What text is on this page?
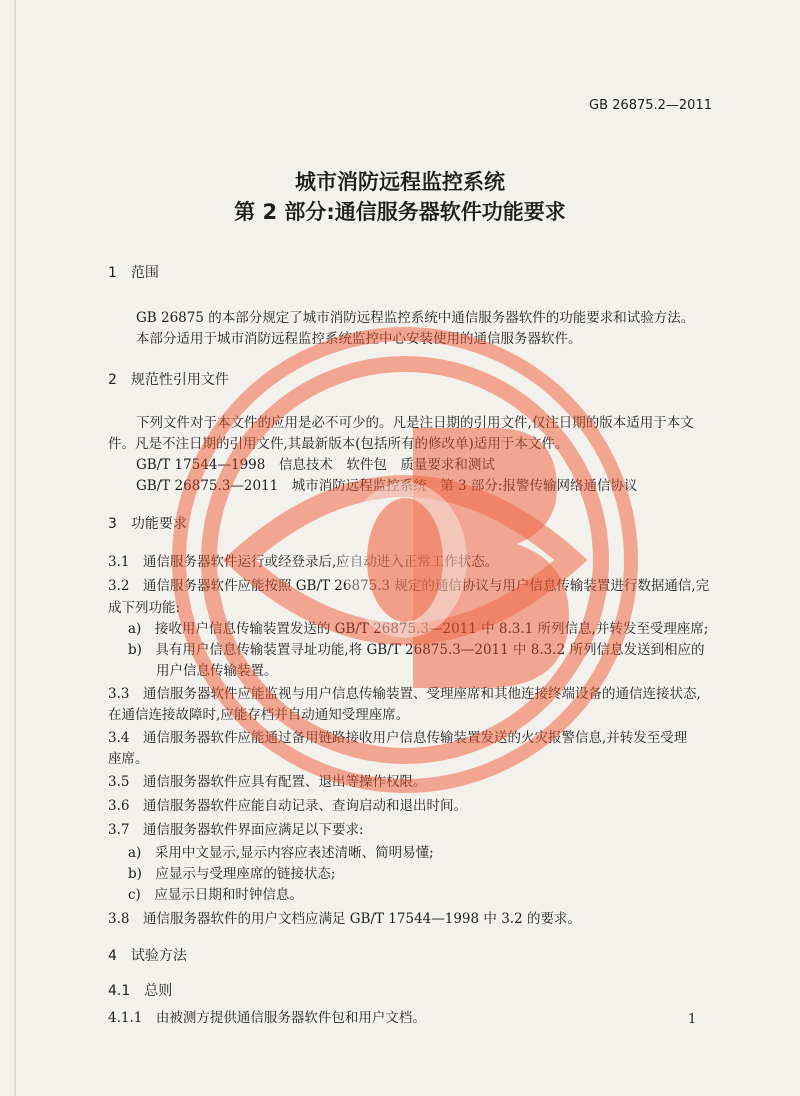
GB 26875.2—2011
城市消防远程监控系统
第 2 部分:通信服务器软件功能要求
1　范围
GB 26875 的本部分规定了城市消防远程监控系统中通信服务器软件的功能要求和试验方法。
本部分适用于城市消防远程监控系统监控中心安装使用的通信服务器软件。
2　规范性引用文件
下列文件对于本文件的应用是必不可少的。凡是注日期的引用文件,仅注日期的版本适用于本文
件。凡是不注日期的引用文件,其最新版本(包括所有的修改单)适用于本文件。
GB/T 17544—1998　信息技术　软件包　质量要求和测试
GB/T 26875.3—2011　城市消防远程监控系统　第 3 部分:报警传输网络通信协议
3　功能要求
3.1　通信服务器软件运行或经登录后,应自动进入正常工作状态。
3.2　通信服务器软件应能按照 GB/T 26875.3 规定的通信协议与用户信息传输装置进行数据通信,完
成下列功能:
a)　接收用户信息传输装置发送的 GB/T 26875.3—2011 中 8.3.1 所列信息,并转发至受理座席;
b)　具有用户信息传输装置寻址功能,将 GB/T 26875.3—2011 中 8.3.2 所列信息发送到相应的
用户信息传输装置。
3.3　通信服务器软件应能监视与用户信息传输装置、受理座席和其他连接终端设备的通信连接状态,
在通信连接故障时,应能存档并自动通知受理座席。
3.4　通信服务器软件应能通过备用链路接收用户信息传输装置发送的火灾报警信息,并转发至受理
座席。
3.5　通信服务器软件应具有配置、退出等操作权限。
3.6　通信服务器软件应能自动记录、查询启动和退出时间。
3.7　通信服务器软件界面应满足以下要求:
a)　采用中文显示,显示内容应表述清晰、简明易懂;
b)　应显示与受理座席的链接状态;
c)　应显示日期和时钟信息。
3.8　通信服务器软件的用户文档应满足 GB/T 17544—1998 中 3.2 的要求。
4　试验方法
4.1　总则
4.1.1　由被测方提供通信服务器软件包和用户文档。	1
